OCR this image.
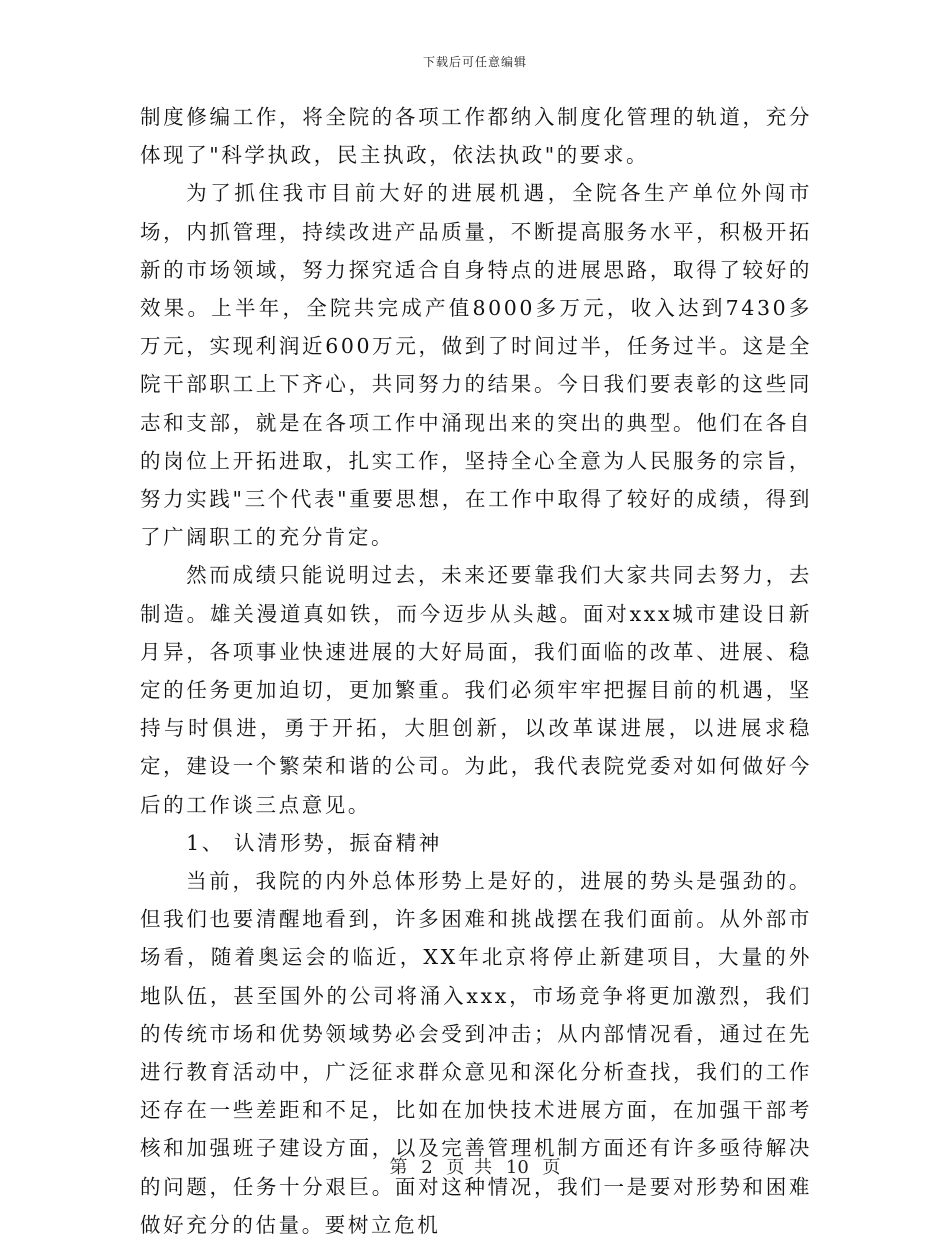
下载后可任意编辑

制度修编工作，将全院的各项工作都纳入制度化管理的轨道，充分体现了"科学执政，民主执政，依法执政"的要求。

为了抓住我市目前大好的进展机遇，全院各生产单位外闯市场，内抓管理，持续改进产品质量，不断提高服务水平，积极开拓新的市场领域，努力探究适合自身特点的进展思路，取得了较好的效果。上半年，全院共完成产值8000多万元，收入达到7430多万元，实现利润近600万元，做到了时间过半，任务过半。这是全院干部职工上下齐心，共同努力的结果。今日我们要表彰的这些同志和支部，就是在各项工作中涌现出来的突出的典型。他们在各自的岗位上开拓进取，扎实工作，坚持全心全意为人民服务的宗旨，努力实践"三个代表"重要思想，在工作中取得了较好的成绩，得到了广阔职工的充分肯定。

然而成绩只能说明过去，未来还要靠我们大家共同去努力，去制造。雄关漫道真如铁，而今迈步从头越。面对xxx城市建设日新月异，各项事业快速进展的大好局面，我们面临的改革、进展、稳定的任务更加迫切，更加繁重。我们必须牢牢把握目前的机遇，坚持与时俱进，勇于开拓，大胆创新，以改革谋进展，以进展求稳定，建设一个繁荣和谐的公司。为此，我代表院党委对如何做好今后的工作谈三点意见。

1、 认清形势，振奋精神

当前，我院的内外总体形势上是好的，进展的势头是强劲的。但我们也要清醒地看到，许多困难和挑战摆在我们面前。从外部市场看，随着奥运会的临近，XX年北京将停止新建项目，大量的外地队伍，甚至国外的公司将涌入xxx，市场竞争将更加激烈，我们的传统市场和优势领域势必会受到冲击；从内部情况看，通过在先进行教育活动中，广泛征求群众意见和深化分析查找，我们的工作还存在一些差距和不足，比如在加快技术进展方面，在加强干部考核和加强班子建设方面，以及完善管理机制方面还有许多亟待解决的问题，任务十分艰巨。面对这种情况，我们一是要对形势和困难做好充分的估量。要树立危机

第 2 页 共 10 页
